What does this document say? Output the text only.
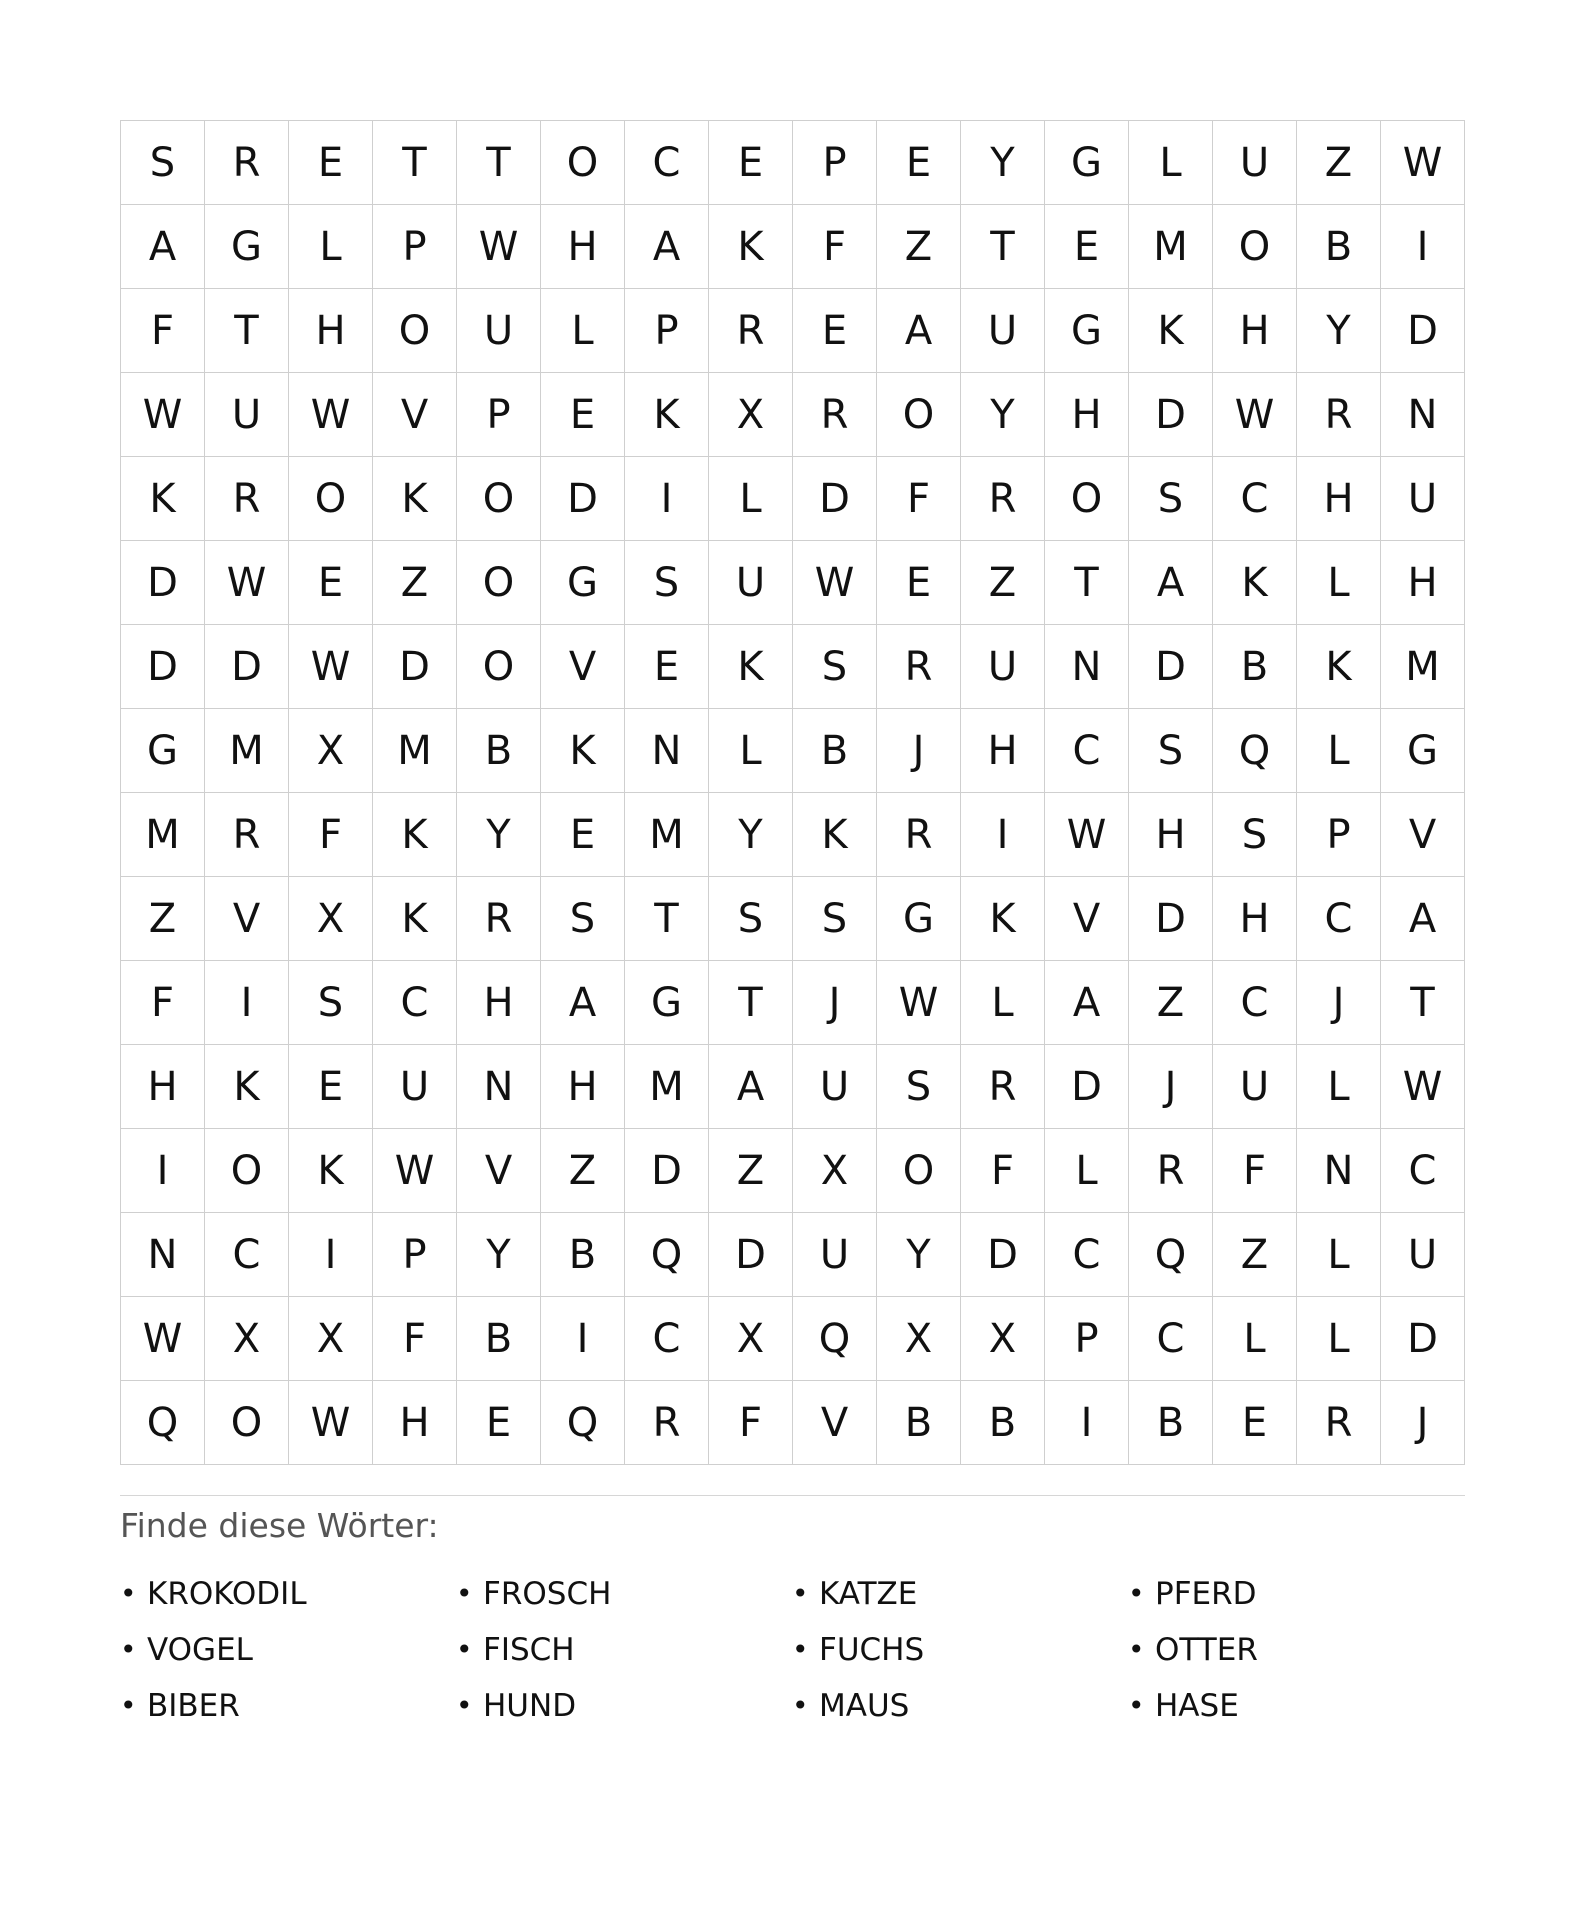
S	R	E	T	T	O	C	E	P	E	Y	G	L	U	Z	W
A	G	L	P	W	H	A	K	F	Z	T	E	M	O	B	I
F	T	H	O	U	L	P	R	E	A	U	G	K	H	Y	D
W	U	W	V	P	E	K	X	R	O	Y	H	D	W	R	N
K	R	O	K	O	D	I	L	D	F	R	O	S	C	H	U
D	W	E	Z	O	G	S	U	W	E	Z	T	A	K	L	H
D	D	W	D	O	V	E	K	S	R	U	N	D	B	K	M
G	M	X	M	B	K	N	L	B	J	H	C	S	Q	L	G
M	R	F	K	Y	E	M	Y	K	R	I	W	H	S	P	V
Z	V	X	K	R	S	T	S	S	G	K	V	D	H	C	A
F	I	S	C	H	A	G	T	J	W	L	A	Z	C	J	T
H	K	E	U	N	H	M	A	U	S	R	D	J	U	L	W
I	O	K	W	V	Z	D	Z	X	O	F	L	R	F	N	C
N	C	I	P	Y	B	Q	D	U	Y	D	C	Q	Z	L	U
W	X	X	F	B	I	C	X	Q	X	X	P	C	L	L	D
Q	O	W	H	E	Q	R	F	V	B	B	I	B	E	R	J
Finde diese Wörter:
• KROKODIL	• FROSCH	• KATZE	• PFERD
• VOGEL	• FISCH	• FUCHS	• OTTER
• BIBER	• HUND	• MAUS	• HASE
